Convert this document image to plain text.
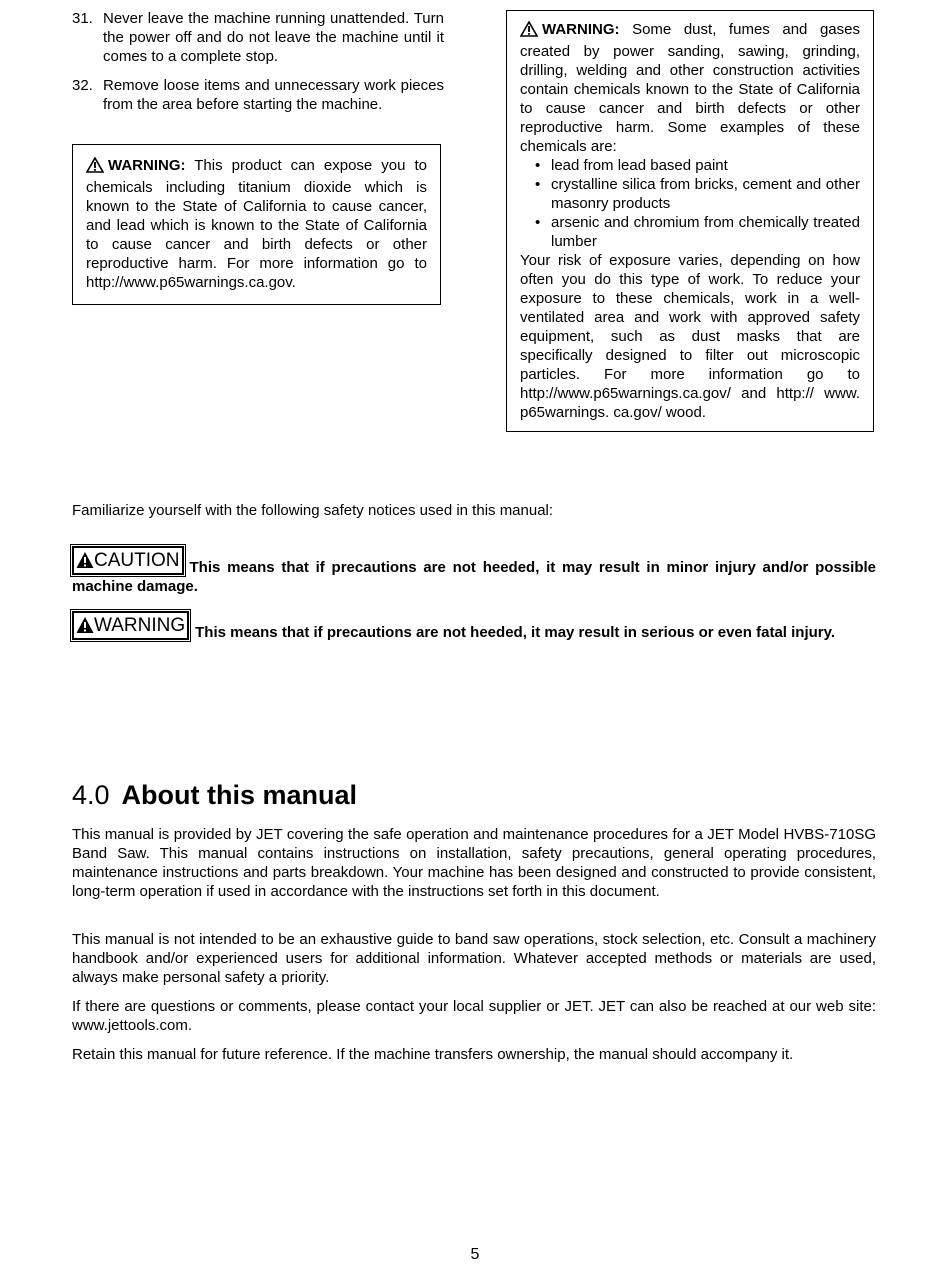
31. Never leave the machine running unattended. Turn the power off and do not leave the machine until it comes to a complete stop.
32. Remove loose items and unnecessary work pieces from the area before starting the machine.
WARNING: This product can expose you to chemicals including titanium dioxide which is known to the State of California to cause cancer, and lead which is known to the State of California to cause cancer and birth defects or other reproductive harm. For more information go to http://www.p65warnings.ca.gov.
WARNING: Some dust, fumes and gases created by power sanding, sawing, grinding, drilling, welding and other construction activities contain chemicals known to the State of California to cause cancer and birth defects or other reproductive harm. Some examples of these chemicals are:
• lead from lead based paint
• crystalline silica from bricks, cement and other masonry products
• arsenic and chromium from chemically treated lumber
Your risk of exposure varies, depending on how often you do this type of work. To reduce your exposure to these chemicals, work in a well-ventilated area and work with approved safety equipment, such as dust masks that are specifically designed to filter out microscopic particles. For more information go to http://www.p65warnings.ca.gov/ and http:// www. p65warnings. ca.gov/ wood.
Familiarize yourself with the following safety notices used in this manual:
CAUTION This means that if precautions are not heeded, it may result in minor injury and/or possible machine damage.
WARNING This means that if precautions are not heeded, it may result in serious or even fatal injury.
4.0 About this manual
This manual is provided by JET covering the safe operation and maintenance procedures for a JET Model HVBS-710SG Band Saw. This manual contains instructions on installation, safety precautions, general operating procedures, maintenance instructions and parts breakdown. Your machine has been designed and constructed to provide consistent, long-term operation if used in accordance with the instructions set forth in this document.
This manual is not intended to be an exhaustive guide to band saw operations, stock selection, etc. Consult a machinery handbook and/or experienced users for additional information. Whatever accepted methods or materials are used, always make personal safety a priority.
If there are questions or comments, please contact your local supplier or JET. JET can also be reached at our web site: www.jettools.com.
Retain this manual for future reference. If the machine transfers ownership, the manual should accompany it.
5
